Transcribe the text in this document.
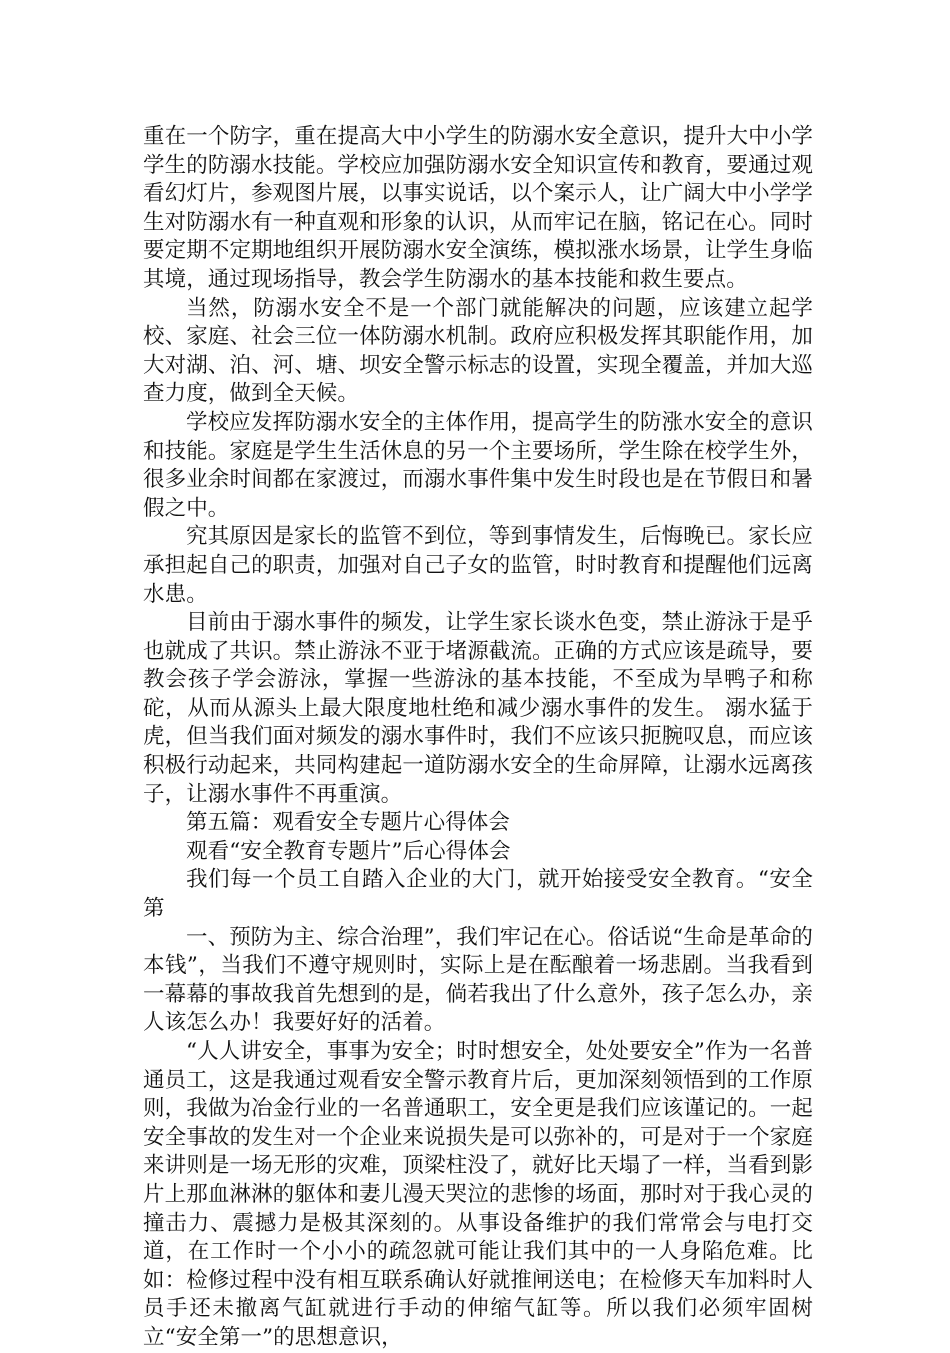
重在一个防字，重在提高大中小学生的防溺水安全意识，提升大中小学学生的防溺水技能。学校应加强防溺水安全知识宣传和教育，要通过观看幻灯片，参观图片展，以事实说话，以个案示人，让广阔大中小学学生对防溺水有一种直观和形象的认识，从而牢记在脑，铭记在心。同时要定期不定期地组织开展防溺水安全演练，模拟涨水场景，让学生身临其境，通过现场指导，教会学生防溺水的基本技能和救生要点。

当然，防溺水安全不是一个部门就能解决的问题，应该建立起学校、家庭、社会三位一体防溺水机制。政府应积极发挥其职能作用，加大对湖、泊、河、塘、坝安全警示标志的设置，实现全覆盖，并加大巡查力度，做到全天候。

学校应发挥防溺水安全的主体作用，提高学生的防涨水安全的意识和技能。家庭是学生生活休息的另一个主要场所，学生除在校学生外，很多业余时间都在家渡过，而溺水事件集中发生时段也是在节假日和暑假之中。

究其原因是家长的监管不到位，等到事情发生，后悔晚已。家长应承担起自己的职责，加强对自己子女的监管，时时教育和提醒他们远离水患。

目前由于溺水事件的频发，让学生家长谈水色变，禁止游泳于是乎也就成了共识。禁止游泳不亚于堵源截流。正确的方式应该是疏导，要教会孩子学会游泳，掌握一些游泳的基本技能，不至成为旱鸭子和称砣，从而从源头上最大限度地杜绝和减少溺水事件的发生。 溺水猛于虎，但当我们面对频发的溺水事件时，我们不应该只扼腕叹息，而应该积极行动起来，共同构建起一道防溺水安全的生命屏障，让溺水远离孩子，让溺水事件不再重演。

第五篇：观看安全专题片心得体会

观看“安全教育专题片”后心得体会

我们每一个员工自踏入企业的大门，就开始接受安全教育。“安全第

一、预防为主、综合治理”，我们牢记在心。俗话说“生命是革命的本钱”，当我们不遵守规则时，实际上是在酝酿着一场悲剧。当我看到一幕幕的事故我首先想到的是，倘若我出了什么意外，孩子怎么办，亲人该怎么办！我要好好的活着。

“人人讲安全，事事为安全；时时想安全，处处要安全”作为一名普通员工，这是我通过观看安全警示教育片后，更加深刻领悟到的工作原则，我做为冶金行业的一名普通职工，安全更是我们应该谨记的。一起安全事故的发生对一个企业来说损失是可以弥补的，可是对于一个家庭来讲则是一场无形的灾难，顶梁柱没了，就好比天塌了一样，当看到影片上那血淋淋的躯体和妻儿漫天哭泣的悲惨的场面，那时对于我心灵的撞击力、震撼力是极其深刻的。从事设备维护的我们常常会与电打交道，在工作时一个小小的疏忽就可能让我们其中的一人身陷危难。比如：检修过程中没有相互联系确认好就推闸送电；在检修天车加料时人员手还未撤离气缸就进行手动的伸缩气缸等。所以我们必须牢固树立“安全第一”的思想意识，
